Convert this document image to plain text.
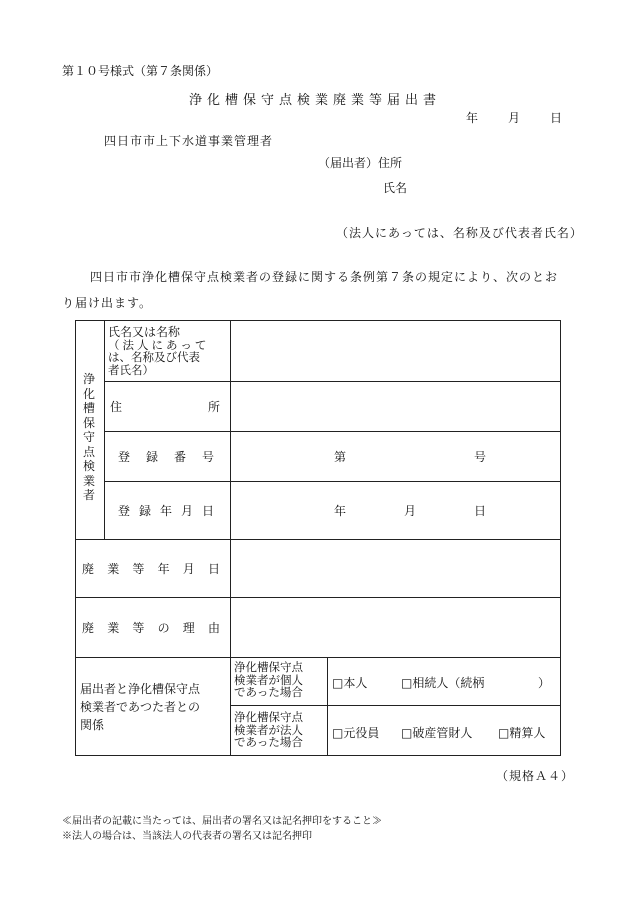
第１０号様式（第７条関係）
浄化槽保守点検業廃業等届出書
年 月 日
四日市市上下水道事業管理者
（届出者）住所
氏名
（法人にあっては、名称及び代表者氏名）
四日市市浄化槽保守点検業者の登録に関する条例第７条の規定により、次のとお
り届け出ます。
浄化槽保守点検業者
氏名又は名称
（法人にあって
は、名称及び代表
者氏名）
住	所
登 録 番 号	第	号
登 録 年 月 日	年	月	日
廃 業 等 年 月 日
廃 業 等 の 理 由
届出者と浄化槽保守点
検業者であつた者との
関係
浄化槽保守点
検業者が個人
であった場合
□本人	□相続人（続柄	）
浄化槽保守点
検業者が法人
であった場合
□元役員 □破産管財人 □精算人
（規格Ａ４）
≪届出者の記載に当たっては、届出者の署名又は記名押印をすること≫
※法人の場合は、当該法人の代表者の署名又は記名押印
